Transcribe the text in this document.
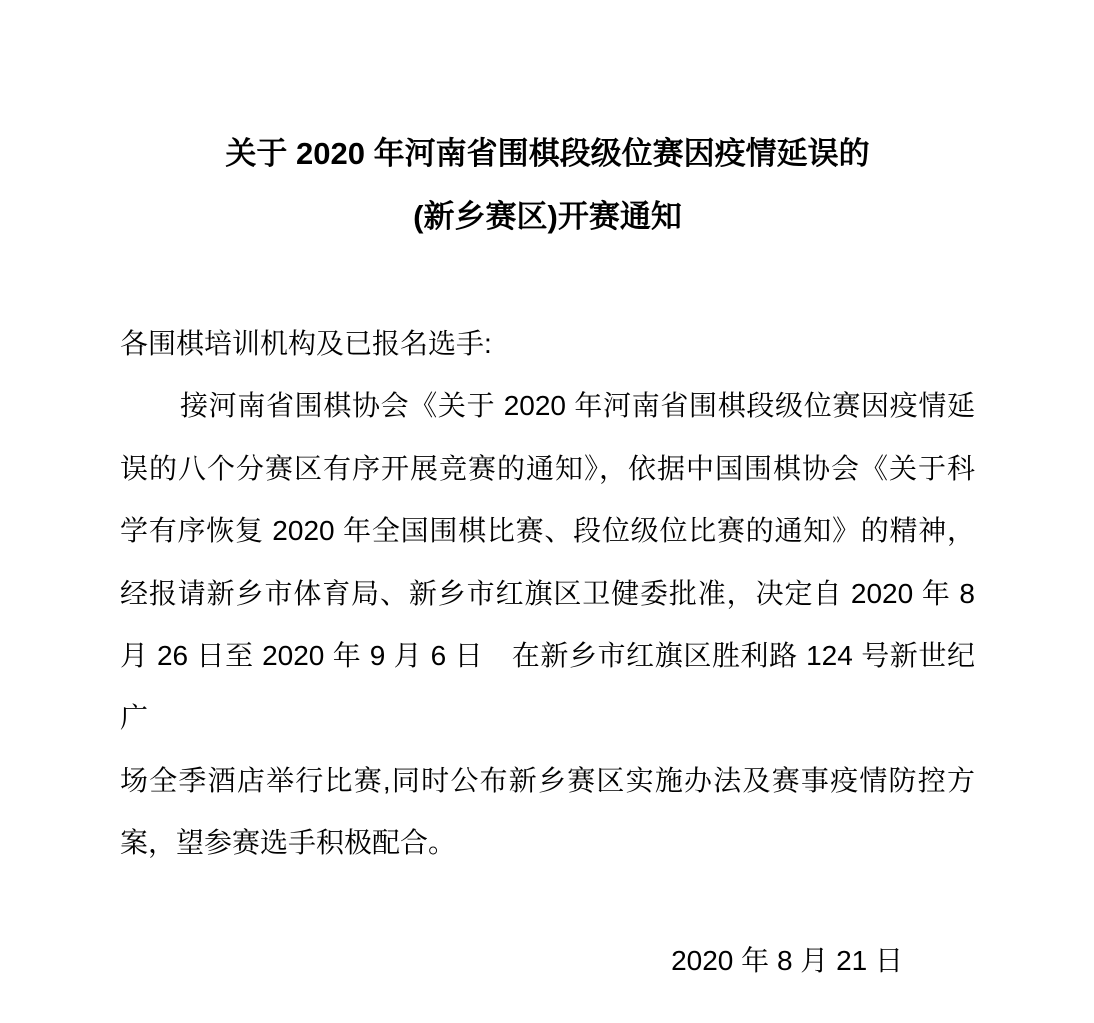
关于 2020 年河南省围棋段级位赛因疫情延误的
(新乡赛区)开赛通知
各围棋培训机构及已报名选手:
接河南省围棋协会《关于 2020 年河南省围棋段级位赛因疫情延
误的八个分赛区有序开展竞赛的通知》，依据中国围棋协会《关于科
学有序恢复 2020 年全国围棋比赛、段位级位比赛的通知》的精神，
经报请新乡市体育局、新乡市红旗区卫健委批准，决定自 2020 年 8
月 26 日至 2020 年 9 月 6 日　在新乡市红旗区胜利路 124 号新世纪广
场全季酒店举行比赛,同时公布新乡赛区实施办法及赛事疫情防控方
案，望参赛选手积极配合。
2020 年 8 月 21 日
